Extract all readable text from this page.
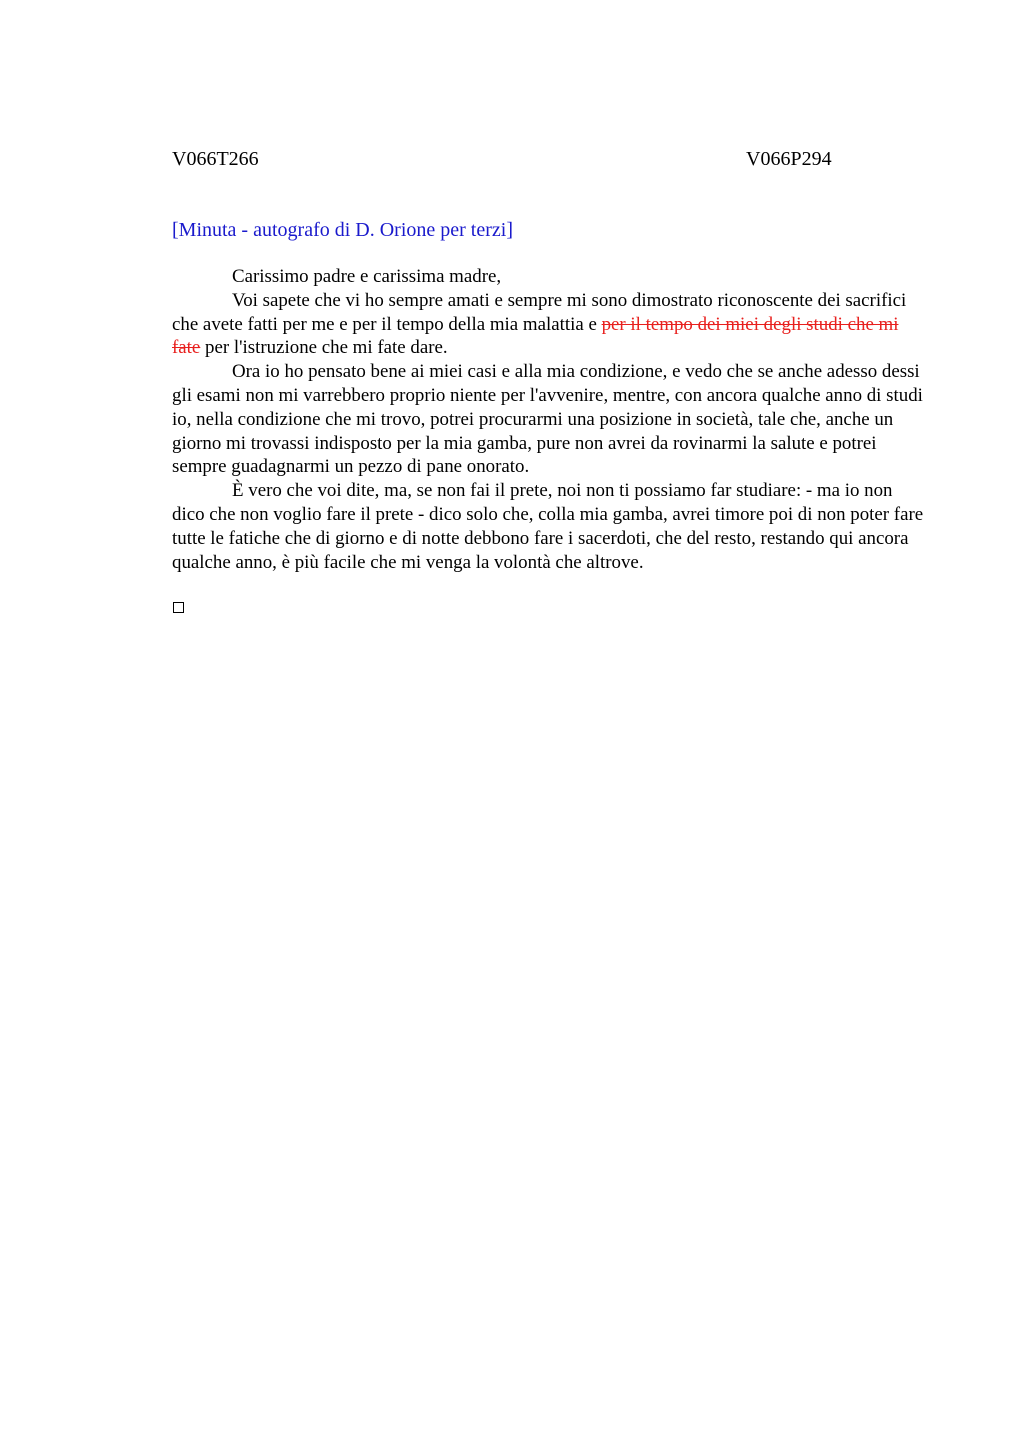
V066T266	V066P294
[Minuta - autografo di D. Orione per terzi]

Carissimo padre e carissima madre,

Voi sapete che vi ho sempre amati e sempre mi sono dimostrato riconoscente dei sacrifici che avete fatti per me e per il tempo della mia malattia e per il tempo dei miei degli studi che mi fate per l'istruzione che mi fate dare.

Ora io ho pensato bene ai miei casi e alla mia condizione, e vedo che se anche adesso dessi gli esami non mi varrebbero proprio niente per l'avvenire, mentre, con ancora qualche anno di studi io, nella condizione che mi trovo, potrei procurarmi una posizione in società, tale che, anche un giorno mi trovassi indisposto per la mia gamba, pure non avrei da rovinarmi la salute e potrei sempre guadagnarmi un pezzo di pane onorato.

È vero che voi dite, ma, se non fai il prete, noi non ti possiamo far studiare: - ma io non dico che non voglio fare il prete - dico solo che, colla mia gamba, avrei timore poi di non poter fare tutte le fatiche che di giorno e di notte debbono fare i sacerdoti, che del resto, restando qui ancora qualche anno, è più facile che mi venga la volontà che altrove.
